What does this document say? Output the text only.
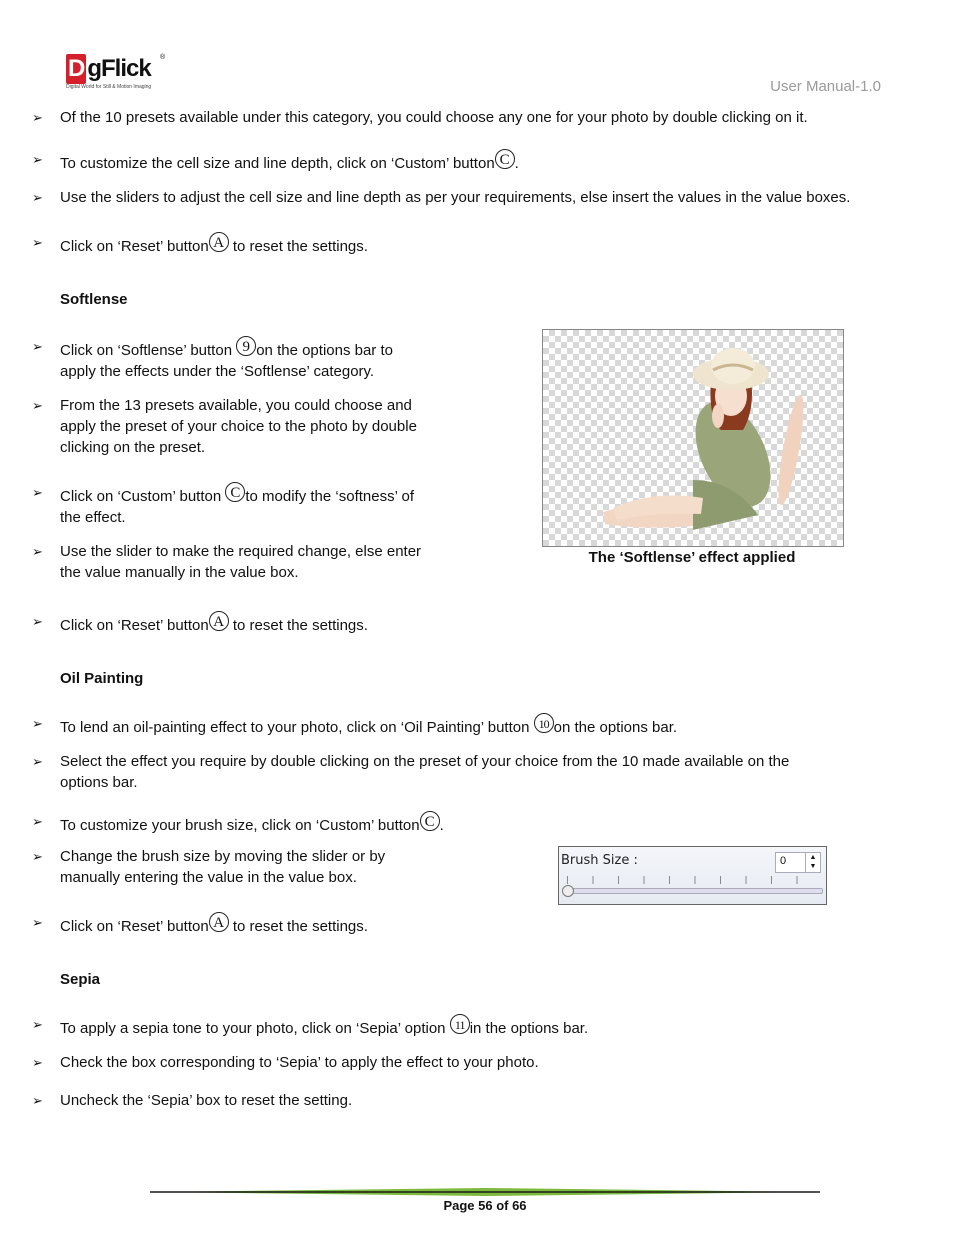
D gFlick	®
Digital World for Still & Motion Imaging	User Manual-1.0
➢ Of the 10 presets available under this category, you could choose any one for your photo by double clicking on it.
➢ To customize the cell size and line depth, click on ‘Custom’ button C .
➢ Use the sliders to adjust the cell size and line depth as per your requirements, else insert the values in the value boxes.
➢ Click on ‘Reset’ button A to reset the settings.
Softlense
➢ Click on ‘Softlense’ button 9 on the options bar to
apply the effects under the ‘Softlense’ category.
➢ From the 13 presets available, you could choose and
apply the preset of your choice to the photo by double
clicking on the preset.
➢ Click on ‘Custom’ button C to modify the ‘softness’ of
the effect.
➢ Use the slider to make the required change, else enter
the value manually in the value box.
➢ Click on ‘Reset’ button A to reset the settings.
The ‘Softlense’ effect applied
Oil Painting
➢ To lend an oil-painting effect to your photo, click on ‘Oil Painting’ button 10 on the options bar.
➢ Select the effect you require by double clicking on the preset of your choice from the 10 made available on the
options bar.
➢ To customize your brush size, click on ‘Custom’ button C .
➢ Change the brush size by moving the slider or by
manually entering the value in the value box.
➢ Click on ‘Reset’ button A to reset the settings.
Brush Size :	0	▲
▼
Sepia
➢ To apply a sepia tone to your photo, click on ‘Sepia’ option 11 in the options bar.
➢ Check the box corresponding to ‘Sepia’ to apply the effect to your photo.
➢ Uncheck the ‘Sepia’ box to reset the setting.
Page 56 of 66
